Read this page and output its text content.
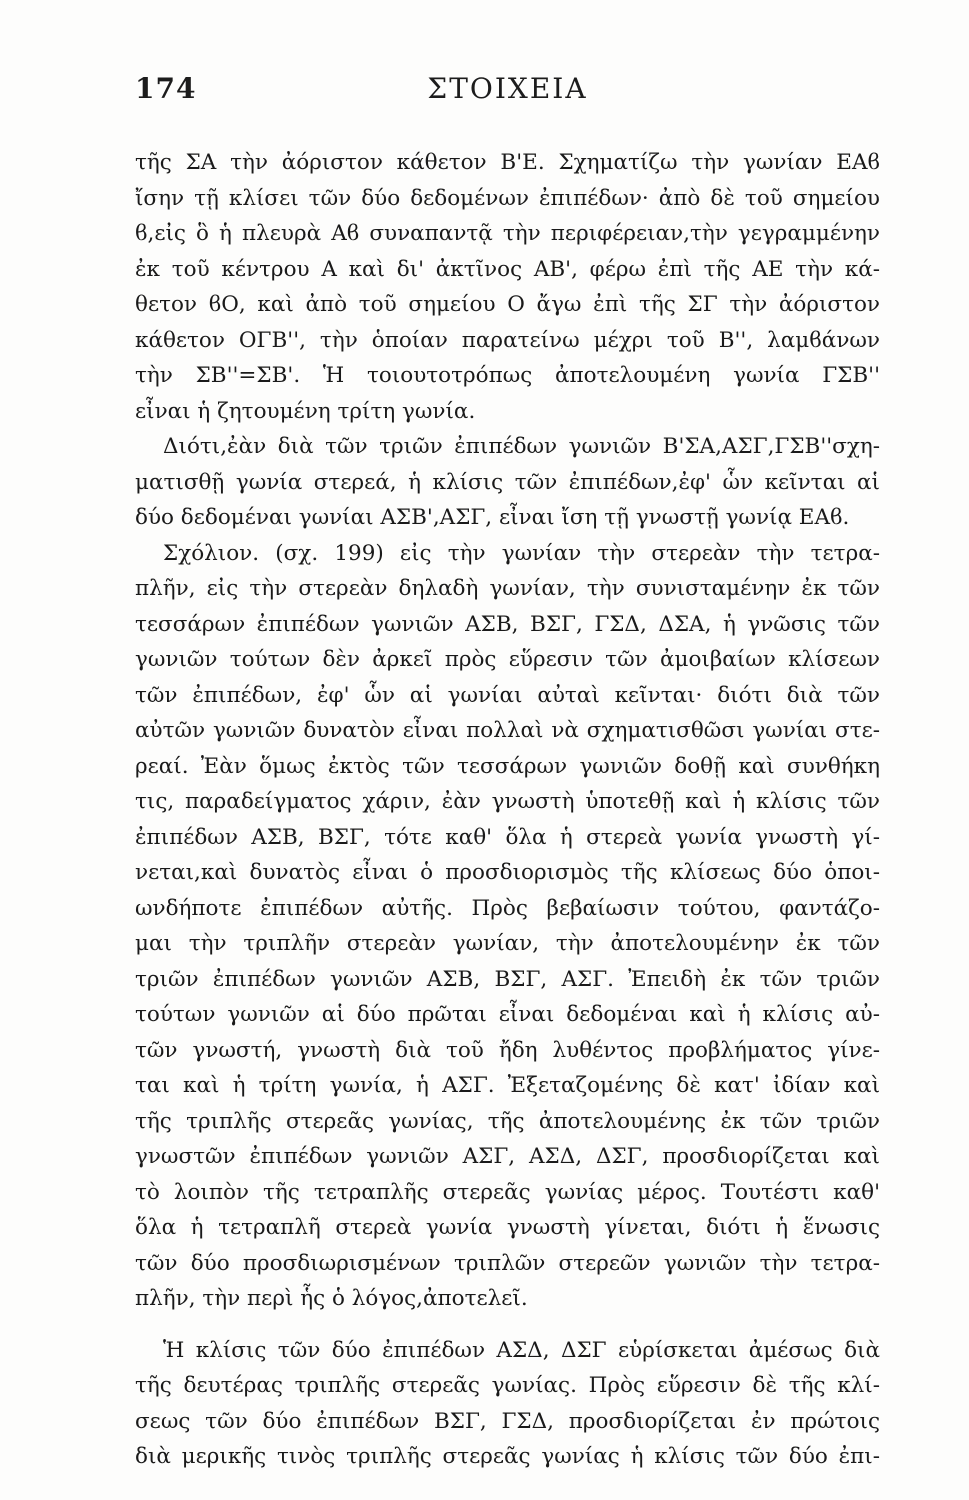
174	ΣΤΟΙΧΕΙΑ
τῆς ΣΑ τὴν ἀόριστον κάθετον Β'Ε. Σχηματίζω τὴν γωνίαν ΕΑϐ
ἴσην τῇ κλίσει τῶν δύο δεδομένων ἐπιπέδων· ἀπὸ δὲ τοῦ σημείου
ϐ,εἰς ὃ ἡ πλευρὰ Αϐ συναπαντᾷ τὴν περιφέρειαν,τὴν γεγραμμένην
ἐκ τοῦ κέντρου Α καὶ δι' ἀκτῖνος ΑΒ', φέρω ἐπὶ τῆς ΑΕ τὴν κά-
θετον ϐΟ, καὶ ἀπὸ τοῦ σημείου Ο ἄγω ἐπὶ τῆς ΣΓ τὴν ἀόριστον
κάθετον ΟΓΒ'', τὴν ὁποίαν παρατείνω μέχρι τοῦ Β'', λαμϐάνων
τὴν ΣΒ''=ΣΒ'. Ἡ τοιουτοτρόπως ἀποτελουμένη γωνία ΓΣΒ''
εἶναι ἡ ζητουμένη τρίτη γωνία.
Διότι,ἐὰν διὰ τῶν τριῶν ἐπιπέδων γωνιῶν Β'ΣΑ,ΑΣΓ,ΓΣΒ''σχη-
ματισθῇ γωνία στερεά, ἡ κλίσις τῶν ἐπιπέδων,ἐφ' ὧν κεῖνται αἱ
δύο δεδομέναι γωνίαι ΑΣΒ',ΑΣΓ, εἶναι ἴση τῇ γνωστῇ γωνίᾳ ΕΑϐ.
Σχόλιον. (σχ. 199) εἰς τὴν γωνίαν τὴν στερεὰν τὴν τετρα-
πλῆν, εἰς τὴν στερεὰν δηλαδὴ γωνίαν, τὴν συνισταμένην ἐκ τῶν
τεσσάρων ἐπιπέδων γωνιῶν ΑΣΒ, ΒΣΓ, ΓΣΔ, ΔΣΑ, ἡ γνῶσις τῶν
γωνιῶν τούτων δὲν ἀρκεῖ πρὸς εὕρεσιν τῶν ἀμοιβαίων κλίσεων
τῶν ἐπιπέδων, ἐφ' ὧν αἱ γωνίαι αὐταὶ κεῖνται· διότι διὰ τῶν
αὐτῶν γωνιῶν δυνατὸν εἶναι πολλαὶ νὰ σχηματισθῶσι γωνίαι στε-
ρεαί. Ἐὰν ὅμως ἐκτὸς τῶν τεσσάρων γωνιῶν δοθῇ καὶ συνθήκη
τις, παραδείγματος χάριν, ἐὰν γνωστὴ ὑποτεθῇ καὶ ἡ κλίσις τῶν
ἐπιπέδων ΑΣΒ, ΒΣΓ, τότε καθ' ὅλα ἡ στερεὰ γωνία γνωστὴ γί-
νεται,καὶ δυνατὸς εἶναι ὁ προσδιορισμὸς τῆς κλίσεως δύο ὁποι-
ωνδήποτε ἐπιπέδων αὐτῆς. Πρὸς βεβαίωσιν τούτου, φαντάζο-
μαι τὴν τριπλῆν στερεὰν γωνίαν, τὴν ἀποτελουμένην ἐκ τῶν
τριῶν ἐπιπέδων γωνιῶν ΑΣΒ, ΒΣΓ, ΑΣΓ. Ἐπειδὴ ἐκ τῶν τριῶν
τούτων γωνιῶν αἱ δύο πρῶται εἶναι δεδομέναι καὶ ἡ κλίσις αὐ-
τῶν γνωστή, γνωστὴ διὰ τοῦ ἤδη λυθέντος προβλήματος γίνε-
ται καὶ ἡ τρίτη γωνία, ἡ ΑΣΓ. Ἐξεταζομένης δὲ κατ' ἰδίαν καὶ
τῆς τριπλῆς στερεᾶς γωνίας, τῆς ἀποτελουμένης ἐκ τῶν τριῶν
γνωστῶν ἐπιπέδων γωνιῶν ΑΣΓ, ΑΣΔ, ΔΣΓ, προσδιορίζεται καὶ
τὸ λοιπὸν τῆς τετραπλῆς στερεᾶς γωνίας μέρος. Τουτέστι καθ'
ὅλα ἡ τετραπλῆ στερεὰ γωνία γνωστὴ γίνεται, διότι ἡ ἕνωσις
τῶν δύο προσδιωρισμένων τριπλῶν στερεῶν γωνιῶν τὴν τετρα-
πλῆν, τὴν περὶ ἧς ὁ λόγος,ἀποτελεῖ.
Ἡ κλίσις τῶν δύο ἐπιπέδων ΑΣΔ, ΔΣΓ εὑρίσκεται ἀμέσως διὰ
τῆς δευτέρας τριπλῆς στερεᾶς γωνίας. Πρὸς εὕρεσιν δὲ τῆς κλί-
σεως τῶν δύο ἐπιπέδων ΒΣΓ, ΓΣΔ, προσδιορίζεται ἐν πρώτοις
διὰ μερικῆς τινὸς τριπλῆς στερεᾶς γωνίας ἡ κλίσις τῶν δύο ἐπι-
